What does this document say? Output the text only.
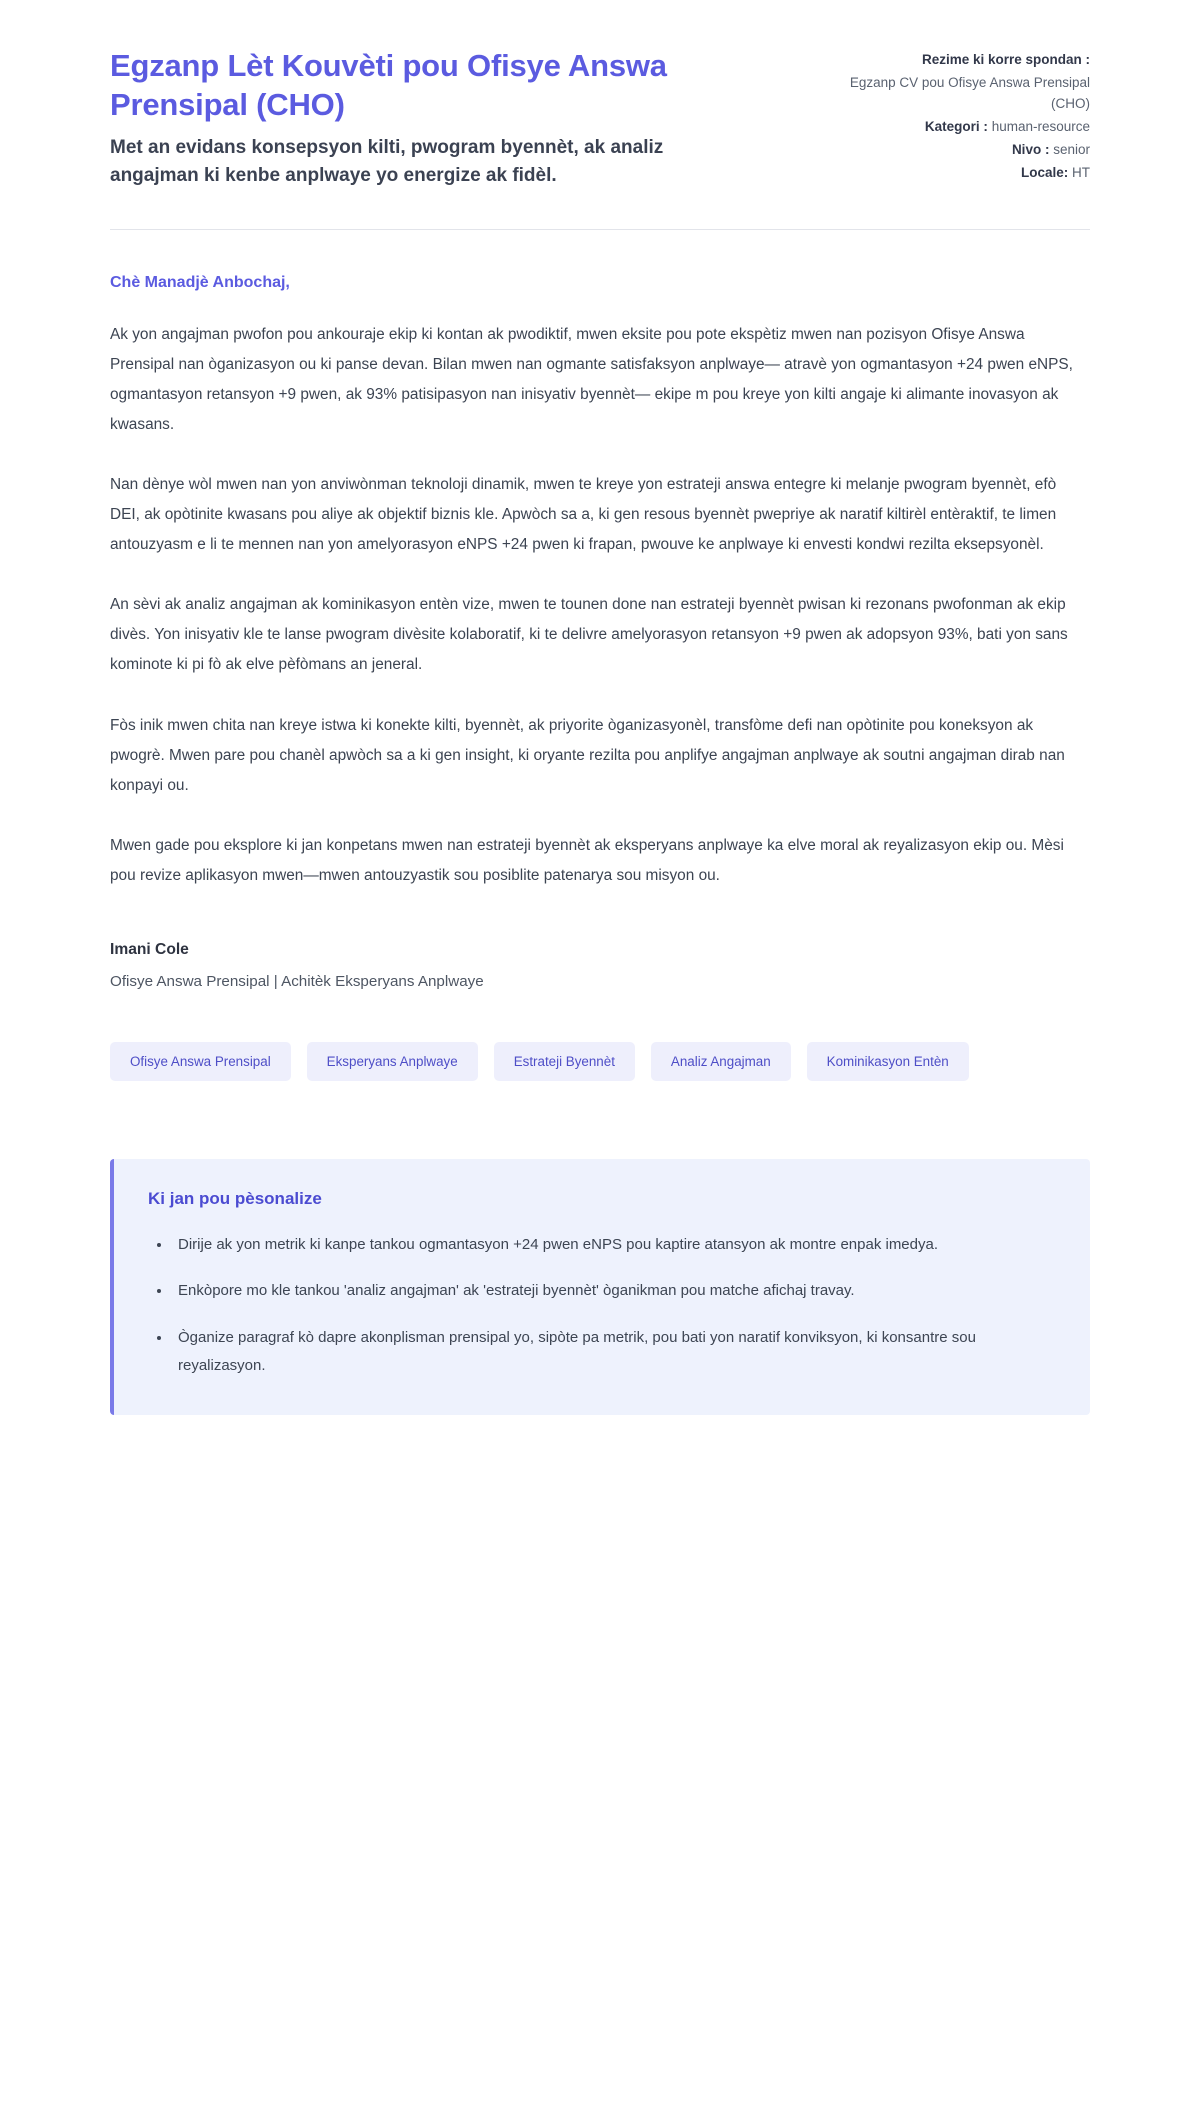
Egzanp Lèt Kouvèti pou Ofisye Answa Prensipal (CHO)

Met an evidans konsepsyon kilti, pwogram byennèt, ak analiz angajman ki kenbe anplwaye yo energize ak fidèl.

Rezime ki korre spondan :
Egzanp CV pou Ofisye Answa Prensipal (CHO)
Kategori : human-resource
Nivo : senior
Locale: HT

Chè Manadjè Anbochaj,

Ak yon angajman pwofon pou ankouraje ekip ki kontan ak pwodiktif, mwen eksite pou pote ekspètiz mwen nan pozisyon Ofisye Answa Prensipal nan òganizasyon ou ki panse devan. Bilan mwen nan ogmante satisfaksyon anplwaye— atravè yon ogmantasyon +24 pwen eNPS, ogmantasyon retansyon +9 pwen, ak 93% patisipasyon nan inisyativ byennèt— ekipe m pou kreye yon kilti angaje ki alimante inovasyon ak kwasans.

Nan dènye wòl mwen nan yon anviwònman teknoloji dinamik, mwen te kreye yon estrateji answa entegre ki melanje pwogram byennèt, efò DEI, ak opòtinite kwasans pou aliye ak objektif biznis kle. Apwòch sa a, ki gen resous byennèt pwepriye ak naratif kiltirèl entèraktif, te limen antouzyasm e li te mennen nan yon amelyorasyon eNPS +24 pwen ki frapan, pwouve ke anplwaye ki envesti kondwi rezilta eksepsyonèl.

An sèvi ak analiz angajman ak kominikasyon entèn vize, mwen te tounen done nan estrateji byennèt pwisan ki rezonans pwofonman ak ekip divès. Yon inisyativ kle te lanse pwogram divèsite kolaboratif, ki te delivre amelyorasyon retansyon +9 pwen ak adopsyon 93%, bati yon sans kominote ki pi fò ak elve pèfòmans an jeneral.

Fòs inik mwen chita nan kreye istwa ki konekte kilti, byennèt, ak priyorite òganizasyonèl, transfòme defi nan opòtinite pou koneksyon ak pwogrè. Mwen pare pou chanèl apwòch sa a ki gen insight, ki oryante rezilta pou anplifye angajman anplwaye ak soutni angajman dirab nan konpayi ou.

Mwen gade pou eksplore ki jan konpetans mwen nan estrateji byennèt ak eksperyans anplwaye ka elve moral ak reyalizasyon ekip ou. Mèsi pou revize aplikasyon mwen—mwen antouzyastik sou posiblite patenarya sou misyon ou.

Imani Cole

Ofisye Answa Prensipal | Achitèk Eksperyans Anplwaye

Ofisye Answa Prensipal	Eksperyans Anplwaye	Estrateji Byennèt	Analiz Angajman	Kominikasyon Entèn
Ki jan pou pèsonalize
• Dirije ak yon metrik ki kanpe tankou ogmantasyon +24 pwen eNPS pou kaptire atansyon ak montre enpak imedya.
• Enkòpore mo kle tankou 'analiz angajman' ak 'estrateji byennèt' òganikman pou matche afichaj travay.
• Òganize paragraf kò dapre akonplisman prensipal yo, sipòte pa metrik, pou bati yon naratif konviksyon, ki konsantre sou reyalizasyon.
